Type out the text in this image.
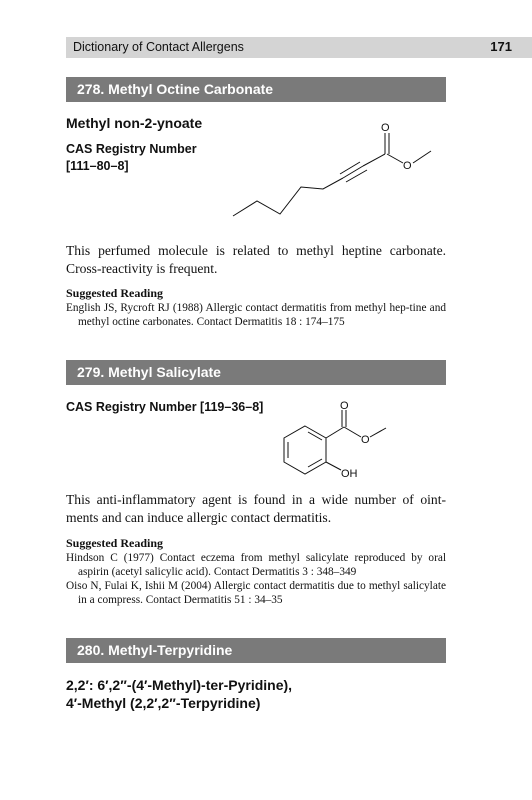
Dictionary of Contact Allergens	171
278. Methyl Octine Carbonate
Methyl non-2-ynoate
CAS Registry Number
[111–80–8]
O
O
This perfumed molecule is related to methyl heptine carbonate.
Cross-reactivity is frequent.
Suggested Reading
English JS, Rycroft RJ (1988) Allergic contact dermatitis from methyl hep-tine and methyl octine carbonates. Contact Dermatitis 18 : 174–175
279. Methyl Salicylate
CAS Registry Number [119–36–8]	O
O
OH
This anti-inflammatory agent is found in a wide number of oint-
ments and can induce allergic contact dermatitis.
Suggested Reading
Hindson C (1977) Contact eczema from methyl salicylate reproduced by oral aspirin (acetyl salicylic acid). Contact Dermatitis 3 : 348–349
Oiso N, Fulai K, Ishii M (2004) Allergic contact dermatitis due to methyl salicylate in a compress. Contact Dermatitis 51 : 34–35
280. Methyl-Terpyridine
2,2′: 6′,2′′-(4′-Methyl)-ter-Pyridine),
4′-Methyl (2,2′,2′′-Terpyridine)
